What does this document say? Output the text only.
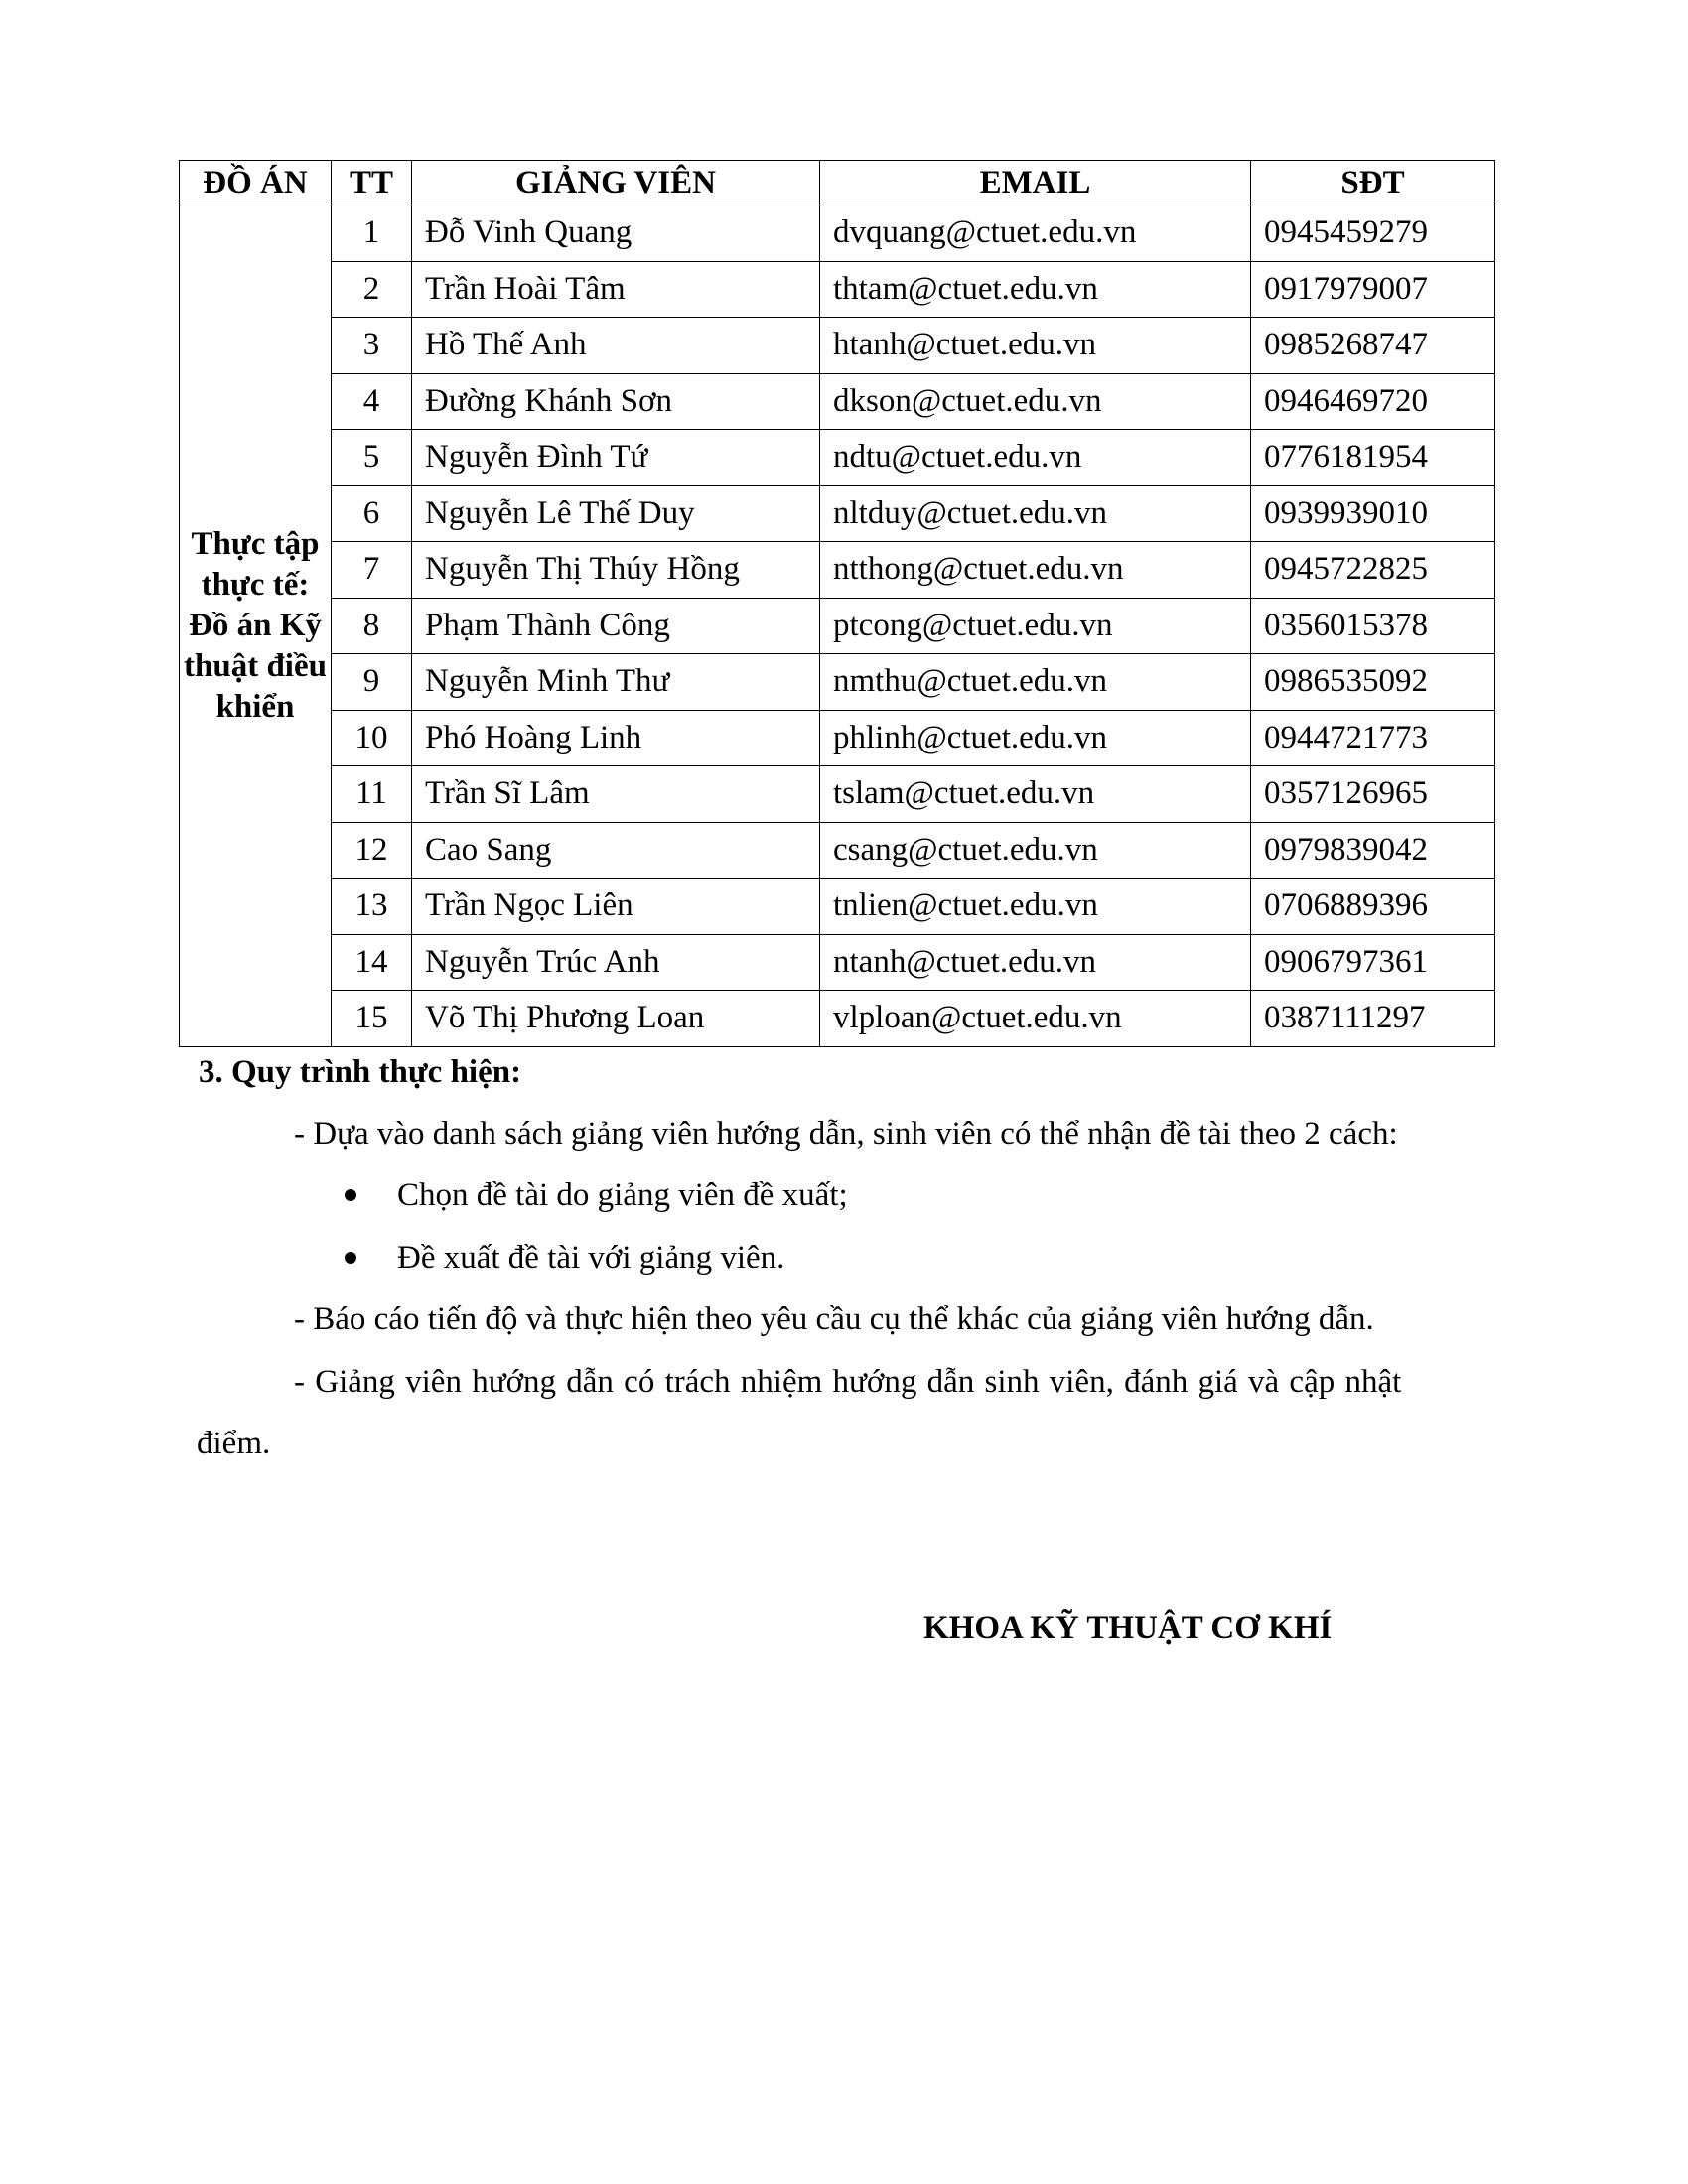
ĐỒ ÁN	TT	GIẢNG VIÊN	EMAIL	SĐT
Thực tập thực tế: Đồ án Kỹ thuật điều khiển	1	Đỗ Vinh Quang	dvquang@ctuet.edu.vn	0945459279
	2	Trần Hoài Tâm	thtam@ctuet.edu.vn	0917979007
	3	Hồ Thế Anh	htanh@ctuet.edu.vn	0985268747
	4	Đường Khánh Sơn	dkson@ctuet.edu.vn	0946469720
	5	Nguyễn Đình Tứ	ndtu@ctuet.edu.vn	0776181954
	6	Nguyễn Lê Thế Duy	nltduy@ctuet.edu.vn	0939939010
	7	Nguyễn Thị Thúy Hồng	ntthong@ctuet.edu.vn	0945722825
	8	Phạm Thành Công	ptcong@ctuet.edu.vn	0356015378
	9	Nguyễn Minh Thư	nmthu@ctuet.edu.vn	0986535092
	10	Phó Hoàng Linh	phlinh@ctuet.edu.vn	0944721773
	11	Trần Sĩ Lâm	tslam@ctuet.edu.vn	0357126965
	12	Cao Sang	csang@ctuet.edu.vn	0979839042
	13	Trần Ngọc Liên	tnlien@ctuet.edu.vn	0706889396
	14	Nguyễn Trúc Anh	ntanh@ctuet.edu.vn	0906797361
	15	Võ Thị Phương Loan	vlploan@ctuet.edu.vn	0387111297
3. Quy trình thực hiện:
- Dựa vào danh sách giảng viên hướng dẫn, sinh viên có thể nhận đề tài theo 2 cách:
Chọn đề tài do giảng viên đề xuất;
Đề xuất đề tài với giảng viên.
- Báo cáo tiến độ và thực hiện theo yêu cầu cụ thể khác của giảng viên hướng dẫn.
- Giảng viên hướng dẫn có trách nhiệm hướng dẫn sinh viên, đánh giá và cập nhật
điểm.
KHOA KỸ THUẬT CƠ KHÍ
